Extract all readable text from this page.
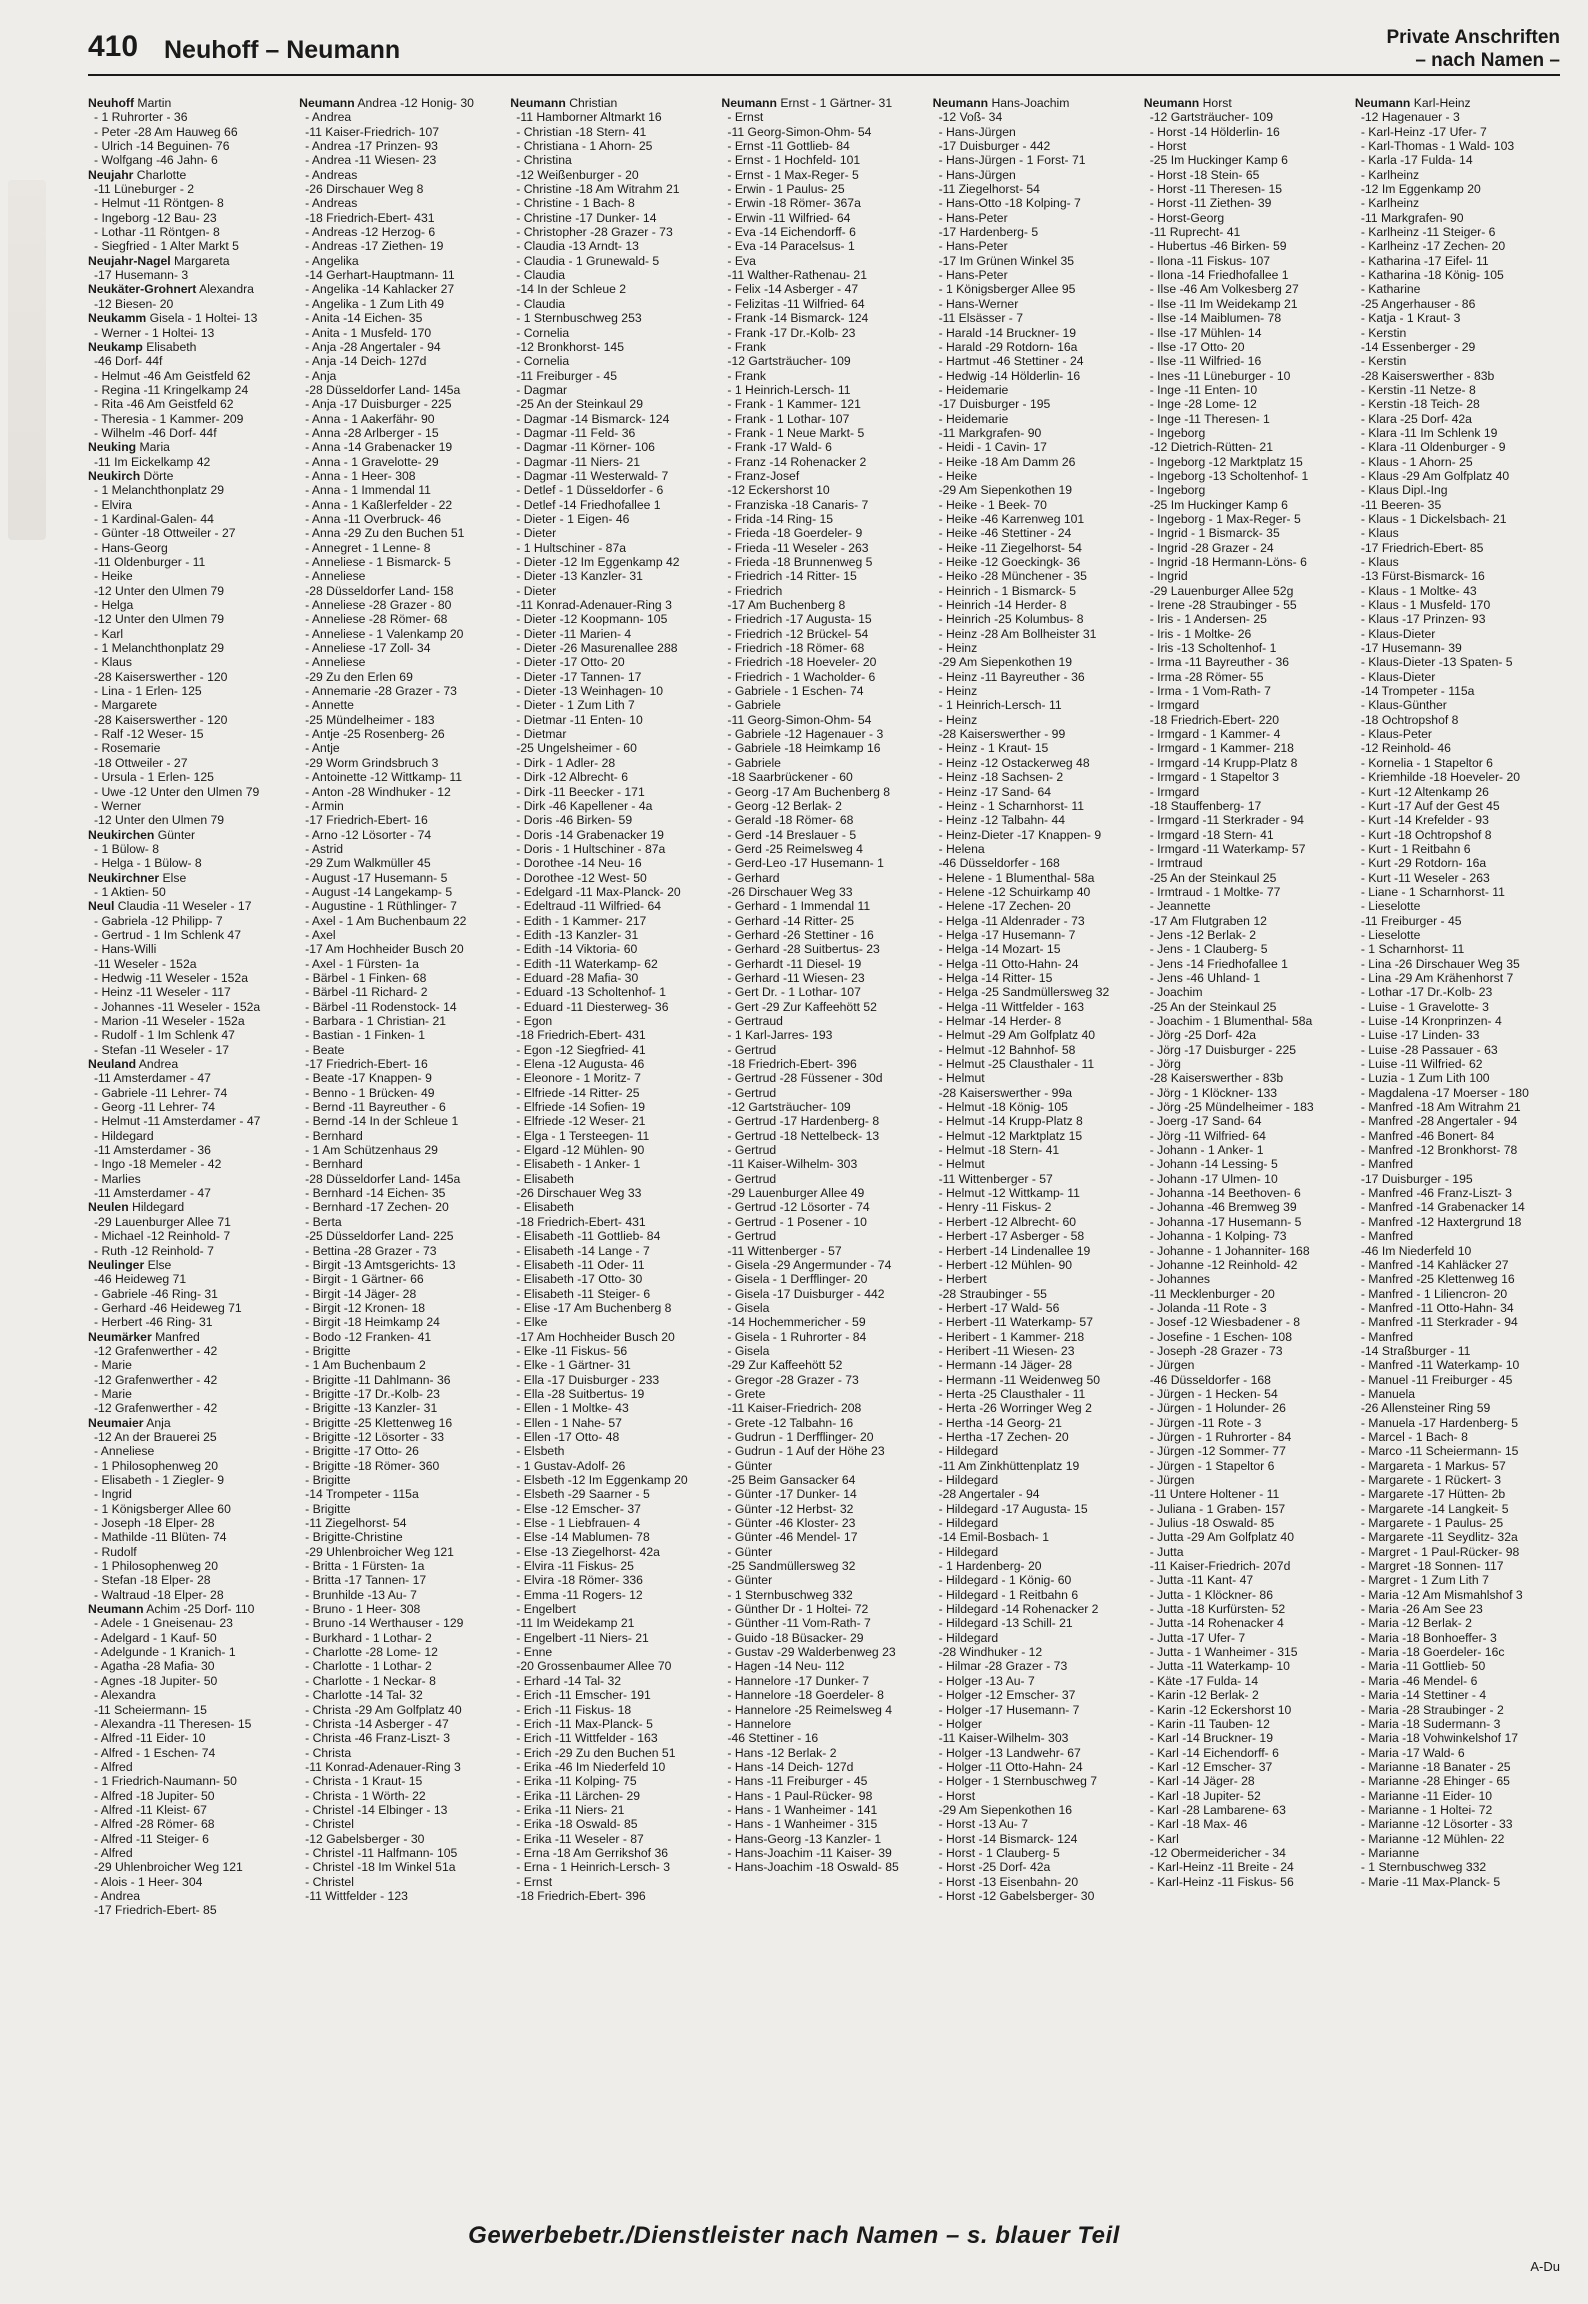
410 Neuhoff – Neumann	Private Anschriften
– nach Namen –
Neuhoff Martin
- 1 Ruhrorter - 36
- Peter -28 Am Hauweg 66
- Ulrich -14 Beguinen- 76
- Wolfgang -46 Jahn- 6
Neujahr Charlotte
-11 Lüneburger - 2
- Helmut -11 Röntgen- 8
- Ingeborg -12 Bau- 23
- Lothar -11 Röntgen- 8
- Siegfried - 1 Alter Markt 5
Neujahr-Nagel Margareta
-17 Husemann- 3
Neukäter-Grohnert Alexandra
-12 Biesen- 20
Neukamm Gisela - 1 Holtei- 13
- Werner - 1 Holtei- 13
Neukamp Elisabeth
-46 Dorf- 44f
- Helmut -46 Am Geistfeld 62
- Regina -11 Kringelkamp 24
- Rita -46 Am Geistfeld 62
- Theresia - 1 Kammer- 209
- Wilhelm -46 Dorf- 44f
Neuking Maria
-11 Im Eickelkamp 42
Neukirch Dörte
- 1 Melanchthonplatz 29
- Elvira
- 1 Kardinal-Galen- 44
- Günter -18 Ottweiler - 27
- Hans-Georg
-11 Oldenburger - 11
- Heike
-12 Unter den Ulmen 79
- Helga
-12 Unter den Ulmen 79
- Karl
- 1 Melanchthonplatz 29
- Klaus
-28 Kaiserswerther - 120
- Lina - 1 Erlen- 125
- Margarete
-28 Kaiserswerther - 120
- Ralf -12 Weser- 15
- Rosemarie
-18 Ottweiler - 27
- Ursula - 1 Erlen- 125
- Uwe -12 Unter den Ulmen 79
- Werner
-12 Unter den Ulmen 79
Neukirchen Günter
- 1 Bülow- 8
- Helga - 1 Bülow- 8
Neukirchner Else
- 1 Aktien- 50
Neul Claudia -11 Weseler - 17
- Gabriela -12 Philipp- 7
- Gertrud - 1 Im Schlenk 47
- Hans-Willi
-11 Weseler - 152a
- Hedwig -11 Weseler - 152a
- Heinz -11 Weseler - 117
- Johannes -11 Weseler - 152a
- Marion -11 Weseler - 152a
- Rudolf - 1 Im Schlenk 47
- Stefan -11 Weseler - 17
Neuland Andrea
-11 Amsterdamer - 47
- Gabriele -11 Lehrer- 74
- Georg -11 Lehrer- 74
- Helmut -11 Amsterdamer - 47
- Hildegard
-11 Amsterdamer - 36
- Ingo -18 Memeler - 42
- Marlies
-11 Amsterdamer - 47
Neulen Hildegard
-29 Lauenburger Allee 71
- Michael -12 Reinhold- 7
- Ruth -12 Reinhold- 7
Neulinger Else
-46 Heideweg 71
- Gabriele -46 Ring- 31
- Gerhard -46 Heideweg 71
- Herbert -46 Ring- 31
Neumärker Manfred
-12 Grafenwerther - 42
- Marie
-12 Grafenwerther - 42
- Marie
-12 Grafenwerther - 42
Neumaier Anja
-12 An der Brauerei 25
- Anneliese
- 1 Philosophenweg 20
- Elisabeth - 1 Ziegler- 9
- Ingrid
- 1 Königsberger Allee 60
- Joseph -18 Elper- 28
- Mathilde -11 Blüten- 74
- Rudolf
- 1 Philosophenweg 20
- Stefan -18 Elper- 28
- Waltraud -18 Elper- 28
Neumann Achim -25 Dorf- 110
- Adele - 1 Gneisenau- 23
- Adelgard - 1 Kauf- 50
- Adelgunde - 1 Kranich- 1
- Agatha -28 Mafia- 30
- Agnes -18 Jupiter- 50
- Alexandra
-11 Scheiermann- 15
- Alexandra -11 Theresen- 15
- Alfred -11 Eider- 10
- Alfred - 1 Eschen- 74
- Alfred
- 1 Friedrich-Naumann- 50
- Alfred -18 Jupiter- 50
- Alfred -11 Kleist- 67
- Alfred -28 Römer- 68
- Alfred -11 Steiger- 6
- Alfred
-29 Uhlenbroicher Weg 121
- Alois - 1 Heer- 304
- Andrea
-17 Friedrich-Ebert- 85
Neumann Andrea -12 Honig- 30
- Andrea
-11 Kaiser-Friedrich- 107
- Andrea -17 Prinzen- 93
- Andrea -11 Wiesen- 23
- Andreas
-26 Dirschauer Weg 8
- Andreas
-18 Friedrich-Ebert- 431
- Andreas -12 Herzog- 6
- Andreas -17 Ziethen- 19
- Angelika
-14 Gerhart-Hauptmann- 11
- Angelika -14 Kahlacker 27
- Angelika - 1 Zum Lith 49
- Anita -14 Eichen- 35
- Anita - 1 Musfeld- 170
- Anja -28 Angertaler - 94
- Anja -14 Deich- 127d
- Anja
-28 Düsseldorfer Land- 145a
- Anja -17 Duisburger - 225
- Anna - 1 Aakerfähr- 90
- Anna -28 Arlberger - 15
- Anna -14 Grabenacker 19
- Anna - 1 Gravelotte- 29
- Anna - 1 Heer- 308
- Anna - 1 Immendal 11
- Anna - 1 Kaßlerfelder - 22
- Anna -11 Overbruck- 46
- Anna -29 Zu den Buchen 51
- Annegret - 1 Lenne- 8
- Anneliese - 1 Bismarck- 5
- Anneliese
-28 Düsseldorfer Land- 158
- Anneliese -28 Grazer - 80
- Anneliese -28 Römer- 68
- Anneliese - 1 Valenkamp 20
- Anneliese -17 Zoll- 34
- Anneliese
-29 Zu den Erlen 69
- Annemarie -28 Grazer - 73
- Annette
-25 Mündelheimer - 183
- Antje -25 Rosenberg- 26
- Antje
-29 Worm Grindsbruch 3
- Antoinette -12 Wittkamp- 11
- Anton -28 Windhuker - 12
- Armin
-17 Friedrich-Ebert- 16
- Arno -12 Lösorter - 74
- Astrid
-29 Zum Walkmüller 45
- August -17 Husemann- 5
- August -14 Langekamp- 5
- Augustine - 1 Rüthlinger- 7
- Axel - 1 Am Buchenbaum 22
- Axel
-17 Am Hochheider Busch 20
- Axel - 1 Fürsten- 1a
- Bärbel - 1 Finken- 68
- Bärbel -11 Richard- 2
- Bärbel -11 Rodenstock- 14
- Barbara - 1 Christian- 21
- Bastian - 1 Finken- 1
- Beate
-17 Friedrich-Ebert- 16
- Beate -17 Knappen- 9
- Benno - 1 Brücken- 49
- Bernd -11 Bayreuther - 6
- Bernd -14 In der Schleue 1
- Bernhard
- 1 Am Schützenhaus 29
- Bernhard
-28 Düsseldorfer Land- 145a
- Bernhard -14 Eichen- 35
- Bernhard -17 Zechen- 20
- Berta
-25 Düsseldorfer Land- 225
- Bettina -28 Grazer - 73
- Birgit -13 Amtsgerichts- 13
- Birgit - 1 Gärtner- 66
- Birgit -14 Jäger- 28
- Birgit -12 Kronen- 18
- Birgit -18 Heimkamp 24
- Bodo -12 Franken- 41
- Brigitte
- 1 Am Buchenbaum 2
- Brigitte -11 Dahlmann- 36
- Brigitte -17 Dr.-Kolb- 23
- Brigitte -13 Kanzler- 31
- Brigitte -25 Klettenweg 16
- Brigitte -12 Lösorter - 33
- Brigitte -17 Otto- 26
- Brigitte -18 Römer- 360
- Brigitte
-14 Trompeter - 115a
- Brigitte
-11 Ziegelhorst- 54
- Brigitte-Christine
-29 Uhlenbroicher Weg 121
- Britta - 1 Fürsten- 1a
- Britta -17 Tannen- 17
- Brunhilde -13 Au- 7
- Bruno - 1 Heer- 308
- Bruno -14 Werthauser - 129
- Burkhard - 1 Lothar- 2
- Charlotte -28 Lome- 12
- Charlotte - 1 Lothar- 2
- Charlotte - 1 Neckar- 8
- Charlotte -14 Tal- 32
- Christa -29 Am Golfplatz 40
- Christa -14 Asberger - 47
- Christa -46 Franz-Liszt- 3
- Christa
-11 Konrad-Adenauer-Ring 3
- Christa - 1 Kraut- 15
- Christa - 1 Wörth- 22
- Christel -14 Elbinger - 13
- Christel
-12 Gabelsberger - 30
- Christel -11 Halfmann- 105
- Christel -18 Im Winkel 51a
- Christel
-11 Wittfelder - 123
Neumann Christian
-11 Hamborner Altmarkt 16
- Christian -18 Stern- 41
- Christiana - 1 Ahorn- 25
- Christina
-12 Weißenburger - 20
- Christine -18 Am Witrahm 21
- Christine - 1 Bach- 8
- Christine -17 Dunker- 14
- Christopher -28 Grazer - 73
- Claudia -13 Arndt- 13
- Claudia - 1 Grunewald- 5
- Claudia
-14 In der Schleue 2
- Claudia
- 1 Sternbuschweg 253
- Cornelia
-12 Bronkhorst- 145
- Cornelia
-11 Freiburger - 45
- Dagmar
-25 An der Steinkaul 29
- Dagmar -14 Bismarck- 124
- Dagmar -11 Feld- 36
- Dagmar -11 Körner- 106
- Dagmar -11 Niers- 21
- Dagmar -11 Westerwald- 7
- Detlef - 1 Düsseldorfer - 6
- Detlef -14 Friedhofallee 1
- Dieter - 1 Eigen- 46
- Dieter
- 1 Hultschiner - 87a
- Dieter -12 Im Eggenkamp 42
- Dieter -13 Kanzler- 31
- Dieter
-11 Konrad-Adenauer-Ring 3
- Dieter -12 Koopmann- 105
- Dieter -11 Marien- 4
- Dieter -26 Masurenallee 288
- Dieter -17 Otto- 20
- Dieter -17 Tannen- 17
- Dieter -13 Weinhagen- 10
- Dieter - 1 Zum Lith 7
- Dietmar -11 Enten- 10
- Dietmar
-25 Ungelsheimer - 60
- Dirk - 1 Adler- 28
- Dirk -12 Albrecht- 6
- Dirk -11 Beecker - 171
- Dirk -46 Kapellener - 4a
- Doris -46 Birken- 59
- Doris -14 Grabenacker 19
- Doris - 1 Hultschiner - 87a
- Dorothee -14 Neu- 16
- Dorothee -12 West- 50
- Edelgard -11 Max-Planck- 20
- Edeltraud -11 Wilfried- 64
- Edith - 1 Kammer- 217
- Edith -13 Kanzler- 31
- Edith -14 Viktoria- 60
- Edith -11 Waterkamp- 62
- Eduard -28 Mafia- 30
- Eduard -13 Scholtenhof- 1
- Eduard -11 Diesterweg- 36
- Egon
-18 Friedrich-Ebert- 431
- Egon -12 Siegfried- 41
- Elena -12 Augusta- 46
- Eleonore - 1 Moritz- 7
- Elfriede -14 Ritter- 25
- Elfriede -14 Sofien- 19
- Elfriede -12 Weser- 21
- Elga - 1 Tersteegen- 11
- Elgard -12 Mühlen- 90
- Elisabeth - 1 Anker- 1
- Elisabeth
-26 Dirschauer Weg 33
- Elisabeth
-18 Friedrich-Ebert- 431
- Elisabeth -11 Gottlieb- 84
- Elisabeth -14 Lange - 7
- Elisabeth -11 Oder- 11
- Elisabeth -17 Otto- 30
- Elisabeth -11 Steiger- 6
- Elise -17 Am Buchenberg 8
- Elke
-17 Am Hochheider Busch 20
- Elke -11 Fiskus- 56
- Elke - 1 Gärtner- 31
- Ella -17 Duisburger - 233
- Ella -28 Suitbertus- 19
- Ellen - 1 Moltke- 43
- Ellen - 1 Nahe- 57
- Ellen -17 Otto- 48
- Elsbeth
- 1 Gustav-Adolf- 26
- Elsbeth -12 Im Eggenkamp 20
- Elsbeth -29 Saarner - 5
- Else -12 Emscher- 37
- Else - 1 Liebfrauen- 4
- Else -14 Mablumen- 78
- Else -13 Ziegelhorst- 42a
- Elvira -11 Fiskus- 25
- Elvira -18 Römer- 336
- Emma -11 Rogers- 12
- Engelbert
-11 Im Weidekamp 21
- Engelbert -11 Niers- 21
- Enne
-20 Grossenbaumer Allee 70
- Erhard -14 Tal- 32
- Erich -11 Emscher- 191
- Erich -11 Fiskus- 18
- Erich -11 Max-Planck- 5
- Erich -11 Wittfelder - 163
- Erich -29 Zu den Buchen 51
- Erika -46 Im Niederfeld 10
- Erika -11 Kolping- 75
- Erika -11 Lärchen- 29
- Erika -11 Niers- 21
- Erika -18 Oswald- 85
- Erika -11 Weseler - 87
- Erna -18 Am Gerrikshof 36
- Erna - 1 Heinrich-Lersch- 3
- Ernst
-18 Friedrich-Ebert- 396
Neumann Ernst - 1 Gärtner- 31
- Ernst
-11 Georg-Simon-Ohm- 54
- Ernst -11 Gottlieb- 84
- Ernst - 1 Hochfeld- 101
- Ernst - 1 Max-Reger- 5
- Erwin - 1 Paulus- 25
- Erwin -18 Römer- 367a
- Erwin -11 Wilfried- 64
- Eva -14 Eichendorff- 6
- Eva -14 Paracelsus- 1
- Eva
-11 Walther-Rathenau- 21
- Felix -14 Asberger - 47
- Felizitas -11 Wilfried- 64
- Frank -14 Bismarck- 124
- Frank -17 Dr.-Kolb- 23
- Frank
-12 Gartsträucher- 109
- Frank
- 1 Heinrich-Lersch- 11
- Frank - 1 Kammer- 121
- Frank - 1 Lothar- 107
- Frank - 1 Neue Markt- 5
- Frank -17 Wald- 6
- Franz -14 Rohenacker 2
- Franz-Josef
-12 Eckershorst 10
- Franziska -18 Canaris- 7
- Frida -14 Ring- 15
- Frieda -18 Goerdeler- 9
- Frieda -11 Weseler - 263
- Frieda -18 Brunnenweg 5
- Friedrich -14 Ritter- 15
- Friedrich
-17 Am Buchenberg 8
- Friedrich -17 Augusta- 15
- Friedrich -12 Brückel- 54
- Friedrich -18 Römer- 68
- Friedrich -18 Hoeveler- 20
- Friedrich - 1 Wacholder- 6
- Gabriele - 1 Eschen- 74
- Gabriele
-11 Georg-Simon-Ohm- 54
- Gabriele -12 Hagenauer - 3
- Gabriele -18 Heimkamp 16
- Gabriele
-18 Saarbrückener - 60
- Georg -17 Am Buchenberg 8
- Georg -12 Berlak- 2
- Gerald -18 Römer- 68
- Gerd -14 Breslauer - 5
- Gerd -25 Reimelsweg 4
- Gerd-Leo -17 Husemann- 1
- Gerhard
-26 Dirschauer Weg 33
- Gerhard - 1 Immendal 11
- Gerhard -14 Ritter- 25
- Gerhard -26 Stettiner - 16
- Gerhard -28 Suitbertus- 23
- Gerhardt -11 Diesel- 19
- Gerhard -11 Wiesen- 23
- Gert Dr. - 1 Lothar- 107
- Gert -29 Zur Kaffeehött 52
- Gertraud
- 1 Karl-Jarres- 193
- Gertrud
-18 Friedrich-Ebert- 396
- Gertrud -28 Füssener - 30d
- Gertrud
-12 Gartsträucher- 109
- Gertrud -17 Hardenberg- 8
- Gertrud -18 Nettelbeck- 13
- Gertrud
-11 Kaiser-Wilhelm- 303
- Gertrud
-29 Lauenburger Allee 49
- Gertrud -12 Lösorter - 74
- Gertrud - 1 Posener - 10
- Gertrud
-11 Wittenberger - 57
- Gisela -29 Angermunder - 74
- Gisela - 1 Derfflinger- 20
- Gisela -17 Duisburger - 442
- Gisela
-14 Hochemmericher - 59
- Gisela - 1 Ruhrorter - 84
- Gisela
-29 Zur Kaffeehött 52
- Gregor -28 Grazer - 73
- Grete
-11 Kaiser-Friedrich- 208
- Grete -12 Talbahn- 16
- Gudrun - 1 Derfflinger- 20
- Gudrun - 1 Auf der Höhe 23
- Günter
-25 Beim Gansacker 64
- Günter -17 Dunker- 14
- Günter -12 Herbst- 32
- Günter -46 Kloster- 23
- Günter -46 Mendel- 17
- Günter
-25 Sandmüllersweg 32
- Günter
- 1 Sternbuschweg 332
- Günther Dr - 1 Holtei- 72
- Günther -11 Vom-Rath- 7
- Guido -18 Büsacker- 29
- Gustav -29 Walderbenweg 23
- Hagen -14 Neu- 112
- Hannelore -17 Dunker- 7
- Hannelore -18 Goerdeler- 8
- Hannelore -25 Reimelsweg 4
- Hannelore
-46 Stettiner - 16
- Hans -12 Berlak- 2
- Hans -14 Deich- 127d
- Hans -11 Freiburger - 45
- Hans - 1 Paul-Rücker- 98
- Hans - 1 Wanheimer - 141
- Hans - 1 Wanheimer - 315
- Hans-Georg -13 Kanzler- 1
- Hans-Joachim -11 Kaiser- 39
- Hans-Joachim -18 Oswald- 85
Neumann Hans-Joachim
-12 Voß- 34
- Hans-Jürgen
-17 Duisburger - 442
- Hans-Jürgen - 1 Forst- 71
- Hans-Jürgen
-11 Ziegelhorst- 54
- Hans-Otto -18 Kolping- 7
- Hans-Peter
-17 Hardenberg- 5
- Hans-Peter
-17 Im Grünen Winkel 35
- Hans-Peter
- 1 Königsberger Allee 95
- Hans-Werner
-11 Elsässer - 7
- Harald -14 Bruckner- 19
- Harald -29 Rotdorn- 16a
- Hartmut -46 Stettiner - 24
- Hedwig -14 Hölderlin- 16
- Heidemarie
-17 Duisburger - 195
- Heidemarie
-11 Markgrafen- 90
- Heidi - 1 Cavin- 17
- Heike -18 Am Damm 26
- Heike
-29 Am Siepenkothen 19
- Heike - 1 Beek- 70
- Heike -46 Karrenweg 101
- Heike -46 Stettiner - 24
- Heike -11 Ziegelhorst- 54
- Heike -12 Goeckingk- 36
- Heiko -28 Münchener - 35
- Heinrich - 1 Bismarck- 5
- Heinrich -14 Herder- 8
- Heinrich -25 Kolumbus- 8
- Heinz -28 Am Bollheister 31
- Heinz
-29 Am Siepenkothen 19
- Heinz -11 Bayreuther - 36
- Heinz
- 1 Heinrich-Lersch- 11
- Heinz
-28 Kaiserswerther - 99
- Heinz - 1 Kraut- 15
- Heinz -12 Ostackerweg 48
- Heinz -18 Sachsen- 2
- Heinz -17 Sand- 64
- Heinz - 1 Scharnhorst- 11
- Heinz -12 Talbahn- 44
- Heinz-Dieter -17 Knappen- 9
- Helena
-46 Düsseldorfer - 168
- Helene - 1 Blumenthal- 58a
- Helene -12 Schuirkamp 40
- Helene -17 Zechen- 20
- Helga -11 Aldenrader - 73
- Helga -17 Husemann- 7
- Helga -14 Mozart- 15
- Helga -11 Otto-Hahn- 24
- Helga -14 Ritter- 15
- Helga -25 Sandmüllersweg 32
- Helga -11 Wittfelder - 163
- Helmar -14 Herder- 8
- Helmut -29 Am Golfplatz 40
- Helmut -12 Bahnhof- 58
- Helmut -25 Clausthaler - 11
- Helmut
-28 Kaiserswerther - 99a
- Helmut -18 König- 105
- Helmut -14 Krupp-Platz 8
- Helmut -12 Marktplatz 15
- Helmut -18 Stern- 41
- Helmut
-11 Wittenberger - 57
- Helmut -12 Wittkamp- 11
- Henry -11 Fiskus- 2
- Herbert -12 Albrecht- 60
- Herbert -17 Asberger - 58
- Herbert -14 Lindenallee 19
- Herbert -12 Mühlen- 90
- Herbert
-28 Straubinger - 55
- Herbert -17 Wald- 56
- Herbert -11 Waterkamp- 57
- Heribert - 1 Kammer- 218
- Heribert -11 Wiesen- 23
- Hermann -14 Jäger- 28
- Hermann -11 Weidenweg 50
- Herta -25 Clausthaler - 11
- Herta -26 Worringer Weg 2
- Hertha -14 Georg- 21
- Hertha -17 Zechen- 20
- Hildegard
-11 Am Zinkhüttenplatz 19
- Hildegard
-28 Angertaler - 94
- Hildegard -17 Augusta- 15
- Hildegard
-14 Emil-Bosbach- 1
- Hildegard
- 1 Hardenberg- 20
- Hildegard - 1 König- 60
- Hildegard - 1 Reitbahn 6
- Hildegard -14 Rohenacker 2
- Hildegard -13 Schill- 21
- Hildegard
-28 Windhuker - 12
- Hilmar -28 Grazer - 73
- Holger -13 Au- 7
- Holger -12 Emscher- 37
- Holger -17 Husemann- 7
- Holger
-11 Kaiser-Wilhelm- 303
- Holger -13 Landwehr- 67
- Holger -11 Otto-Hahn- 24
- Holger - 1 Sternbuschweg 7
- Horst
-29 Am Siepenkothen 16
- Horst -13 Au- 7
- Horst -14 Bismarck- 124
- Horst - 1 Clauberg- 5
- Horst -25 Dorf- 42a
- Horst -13 Eisenbahn- 20
- Horst -12 Gabelsberger- 30
Neumann Horst
-12 Gartsträucher- 109
- Horst -14 Hölderlin- 16
- Horst
-25 Im Huckinger Kamp 6
- Horst -18 Stein- 65
- Horst -11 Theresen- 15
- Horst -11 Ziethen- 39
- Horst-Georg
-11 Ruprecht- 41
- Hubertus -46 Birken- 59
- Ilona -11 Fiskus- 107
- Ilona -14 Friedhofallee 1
- Ilse -46 Am Volkesberg 27
- Ilse -11 Im Weidekamp 21
- Ilse -14 Maiblumen- 78
- Ilse -17 Mühlen- 14
- Ilse -17 Otto- 20
- Ilse -11 Wilfried- 16
- Ines -11 Lüneburger - 10
- Inge -11 Enten- 10
- Inge -28 Lome- 12
- Inge -11 Theresen- 1
- Ingeborg
-12 Dietrich-Rütten- 21
- Ingeborg -12 Marktplatz 15
- Ingeborg -13 Scholtenhof- 1
- Ingeborg
-25 Im Huckinger Kamp 6
- Ingeborg - 1 Max-Reger- 5
- Ingrid - 1 Bismarck- 35
- Ingrid -28 Grazer - 24
- Ingrid -18 Hermann-Löns- 6
- Ingrid
-29 Lauenburger Allee 52g
- Irene -28 Straubinger - 55
- Iris - 1 Andersen- 25
- Iris - 1 Moltke- 26
- Iris -13 Scholtenhof- 1
- Irma -11 Bayreuther - 36
- Irma -28 Römer- 55
- Irma - 1 Vom-Rath- 7
- Irmgard
-18 Friedrich-Ebert- 220
- Irmgard - 1 Kammer- 4
- Irmgard - 1 Kammer- 218
- Irmgard -14 Krupp-Platz 8
- Irmgard - 1 Stapeltor 3
- Irmgard
-18 Stauffenberg- 17
- Irmgard -11 Sterkrader - 94
- Irmgard -18 Stern- 41
- Irmgard -11 Waterkamp- 57
- Irmtraud
-25 An der Steinkaul 25
- Irmtraud - 1 Moltke- 77
- Jeannette
-17 Am Flutgraben 12
- Jens -12 Berlak- 2
- Jens - 1 Clauberg- 5
- Jens -14 Friedhofallee 1
- Jens -46 Uhland- 1
- Joachim
-25 An der Steinkaul 25
- Joachim - 1 Blumenthal- 58a
- Jörg -25 Dorf- 42a
- Jörg -17 Duisburger - 225
- Jörg
-28 Kaiserswerther - 83b
- Jörg - 1 Klöckner- 133
- Jörg -25 Mündelheimer - 183
- Joerg -17 Sand- 64
- Jörg -11 Wilfried- 64
- Johann - 1 Anker- 1
- Johann -14 Lessing- 5
- Johann -17 Ulmen- 10
- Johanna -14 Beethoven- 6
- Johanna -46 Bremweg 39
- Johanna -17 Husemann- 5
- Johanna - 1 Kolping- 73
- Johanne - 1 Johanniter- 168
- Johanne -12 Reinhold- 42
- Johannes
-11 Mecklenburger - 20
- Jolanda -11 Rote - 3
- Josef -12 Wiesbadener - 8
- Josefine - 1 Eschen- 108
- Joseph -28 Grazer - 73
- Jürgen
-46 Düsseldorfer - 168
- Jürgen - 1 Hecken- 54
- Jürgen - 1 Holunder- 26
- Jürgen -11 Rote - 3
- Jürgen - 1 Ruhrorter - 84
- Jürgen -12 Sommer- 77
- Jürgen - 1 Stapeltor 6
- Jürgen
-11 Untere Holtener - 11
- Juliana - 1 Graben- 157
- Julius -18 Oswald- 85
- Jutta -29 Am Golfplatz 40
- Jutta
-11 Kaiser-Friedrich- 207d
- Jutta -11 Kant- 47
- Jutta - 1 Klöckner- 86
- Jutta -18 Kurfürsten- 52
- Jutta -14 Rohenacker 4
- Jutta -17 Ufer- 7
- Jutta - 1 Wanheimer - 315
- Jutta -11 Waterkamp- 10
- Käte -17 Fulda- 14
- Karin -12 Berlak- 2
- Karin -12 Eckershorst 10
- Karin -11 Tauben- 12
- Karl -14 Bruckner- 19
- Karl -14 Eichendorff- 6
- Karl -12 Emscher- 37
- Karl -14 Jäger- 28
- Karl -18 Jupiter- 52
- Karl -28 Lambarene- 63
- Karl -18 Max- 46
- Karl
-12 Obermeidericher - 34
- Karl-Heinz -11 Breite - 24
- Karl-Heinz -11 Fiskus- 56
Neumann Karl-Heinz
-12 Hagenauer - 3
- Karl-Heinz -17 Ufer- 7
- Karl-Thomas - 1 Wald- 103
- Karla -17 Fulda- 14
- Karlheinz
-12 Im Eggenkamp 20
- Karlheinz
-11 Markgrafen- 90
- Karlheinz -11 Steiger- 6
- Karlheinz -17 Zechen- 20
- Katharina -17 Eifel- 11
- Katharina -18 König- 105
- Katharine
-25 Angerhauser - 86
- Katja - 1 Kraut- 3
- Kerstin
-14 Essenberger - 29
- Kerstin
-28 Kaiserswerther - 83b
- Kerstin -11 Netze- 8
- Kerstin -18 Teich- 28
- Klara -25 Dorf- 42a
- Klara -11 Im Schlenk 19
- Klara -11 Oldenburger - 9
- Klaus - 1 Ahorn- 25
- Klaus -29 Am Golfplatz 40
- Klaus Dipl.-Ing
-11 Beeren- 35
- Klaus - 1 Dickelsbach- 21
- Klaus
-17 Friedrich-Ebert- 85
- Klaus
-13 Fürst-Bismarck- 16
- Klaus - 1 Moltke- 43
- Klaus - 1 Musfeld- 170
- Klaus -17 Prinzen- 93
- Klaus-Dieter
-17 Husemann- 39
- Klaus-Dieter -13 Spaten- 5
- Klaus-Dieter
-14 Trompeter - 115a
- Klaus-Günther
-18 Ochtropshof 8
- Klaus-Peter
-12 Reinhold- 46
- Kornelia - 1 Stapeltor 6
- Kriemhilde -18 Hoeveler- 20
- Kurt -12 Altenkamp 26
- Kurt -17 Auf der Gest 45
- Kurt -14 Krefelder - 93
- Kurt -18 Ochtropshof 8
- Kurt - 1 Reitbahn 6
- Kurt -29 Rotdorn- 16a
- Kurt -11 Weseler - 263
- Liane - 1 Scharnhorst- 11
- Lieselotte
-11 Freiburger - 45
- Lieselotte
- 1 Scharnhorst- 11
- Lina -26 Dirschauer Weg 35
- Lina -29 Am Krähenhorst 7
- Lothar -17 Dr.-Kolb- 23
- Luise - 1 Gravelotte- 3
- Luise -14 Kronprinzen- 4
- Luise -17 Linden- 33
- Luise -28 Passauer - 63
- Luise -11 Wilfried- 62
- Luzia - 1 Zum Lith 100
- Magdalena -17 Moerser - 180
- Manfred -18 Am Witrahm 21
- Manfred -28 Angertaler - 94
- Manfred -46 Bonert- 84
- Manfred -12 Bronkhorst- 78
- Manfred
-17 Duisburger - 195
- Manfred -46 Franz-Liszt- 3
- Manfred -14 Grabenacker 14
- Manfred -12 Haxtergrund 18
- Manfred
-46 Im Niederfeld 10
- Manfred -14 Kahläcker 27
- Manfred -25 Klettenweg 16
- Manfred - 1 Liliencron- 20
- Manfred -11 Otto-Hahn- 34
- Manfred -11 Sterkrader - 94
- Manfred
-14 Straßburger - 11
- Manfred -11 Waterkamp- 10
- Manuel -11 Freiburger - 45
- Manuela
-26 Allensteiner Ring 59
- Manuela -17 Hardenberg- 5
- Marcel - 1 Bach- 8
- Marco -11 Scheiermann- 15
- Margareta - 1 Markus- 57
- Margarete - 1 Rückert- 3
- Margarete -17 Hütten- 2b
- Margarete -14 Langkeit- 5
- Margarete - 1 Paulus- 25
- Margarete -11 Seydlitz- 32a
- Margret - 1 Paul-Rücker- 98
- Margret -18 Sonnen- 117
- Margret - 1 Zum Lith 7
- Maria -12 Am Mismahlshof 3
- Maria -26 Am See 23
- Maria -12 Berlak- 2
- Maria -18 Bonhoeffer- 3
- Maria -18 Goerdeler- 16c
- Maria -11 Gottlieb- 50
- Maria -46 Mendel- 6
- Maria -14 Stettiner - 4
- Maria -28 Straubinger - 2
- Maria -18 Sudermann- 3
- Maria -18 Vohwinkelshof 17
- Maria -17 Wald- 6
- Marianne -18 Banater - 25
- Marianne -28 Ehinger - 65
- Marianne -11 Eider- 10
- Marianne - 1 Holtei- 72
- Marianne -12 Lösorter - 33
- Marianne -12 Mühlen- 22
- Marianne
- 1 Sternbuschweg 332
- Marie -11 Max-Planck- 5
Gewerbebetr./Dienstleister nach Namen – s. blauer Teil
A-Du
